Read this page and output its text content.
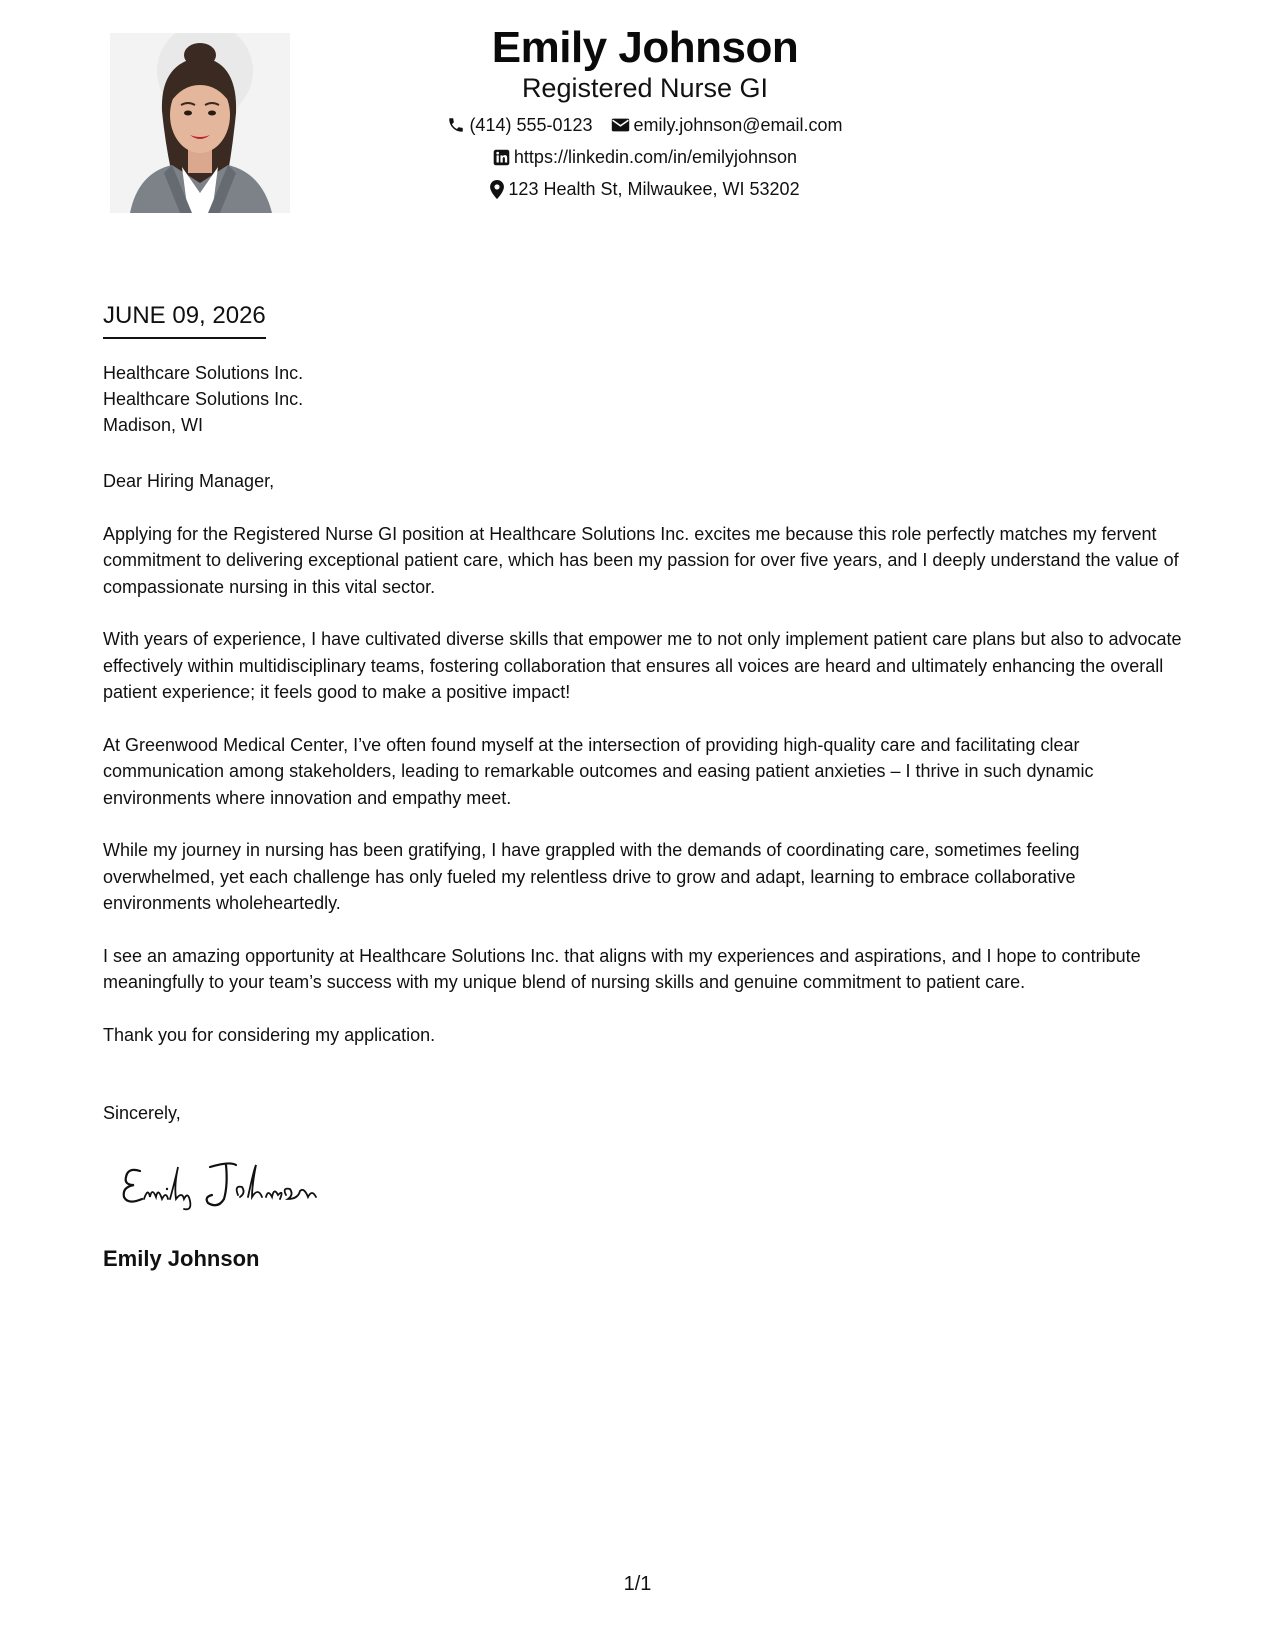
Emily Johnson
Registered Nurse GI
(414) 555-0123 emily.johnson@email.com
https://linkedin.com/in/emilyjohnson
123 Health St, Milwaukee, WI 53202
JUNE 09, 2026
Healthcare Solutions Inc.
Healthcare Solutions Inc.
Madison, WI

Dear Hiring Manager,

Applying for the Registered Nurse GI position at Healthcare Solutions Inc. excites me because this role perfectly matches my fervent commitment to delivering exceptional patient care, which has been my passion for over five years, and I deeply understand the value of compassionate nursing in this vital sector.

With years of experience, I have cultivated diverse skills that empower me to not only implement patient care plans but also to advocate effectively within multidisciplinary teams, fostering collaboration that ensures all voices are heard and ultimately enhancing the overall patient experience; it feels good to make a positive impact!

At Greenwood Medical Center, I’ve often found myself at the intersection of providing high-quality care and facilitating clear communication among stakeholders, leading to remarkable outcomes and easing patient anxieties – I thrive in such dynamic environments where innovation and empathy meet.

While my journey in nursing has been gratifying, I have grappled with the demands of coordinating care, sometimes feeling overwhelmed, yet each challenge has only fueled my relentless drive to grow and adapt, learning to embrace collaborative environments wholeheartedly.

I see an amazing opportunity at Healthcare Solutions Inc. that aligns with my experiences and aspirations, and I hope to contribute meaningfully to your team’s success with my unique blend of nursing skills and genuine commitment to patient care.

Thank you for considering my application.

Sincerely,
Emily Johnson
1/1
